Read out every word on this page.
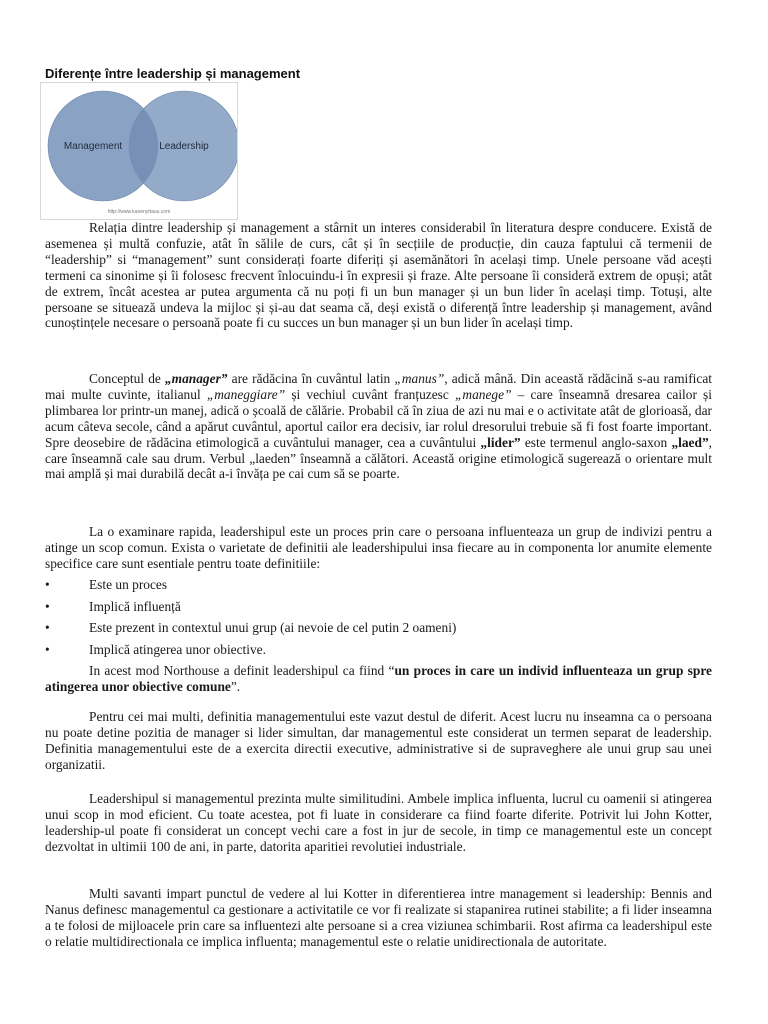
Diferențe între leadership și management
Management	Leadership
http://www.kaoenyttauu.com

Relația dintre leadership și management a stârnit un interes considerabil în literatura despre conducere. Există de asemenea și multă confuzie, atât în sălile de curs, cât și în secțiile de producție, din cauza faptului că termenii de “leadership” si “management” sunt considerați foarte diferiți și asemănători în același timp. Unele persoane văd acești termeni ca sinonime și îi folosesc frecvent înlocuindu-i în expresii și fraze. Alte persoane îi consideră extrem de opuși; atât de extrem, încât acestea ar putea argumenta că nu poți fi un bun manager și un bun lider în același timp. Totuși, alte persoane se situează undeva la mijloc și și-au dat seama că, deși există o diferență între leadership și management, având cunoștințele necesare o persoană poate fi cu succes un bun manager și un bun lider în același timp.

Conceptul de „manager” are rădăcina în cuvântul latin „manus”, adică mână. Din această rădăcină s-au ramificat mai multe cuvinte, italianul „maneggiare” și vechiul cuvânt franțuzesc „manege” – care înseamnă dresarea cailor și plimbarea lor printr-un manej, adică o școală de călărie. Probabil că în ziua de azi nu mai e o activitate atât de glorioasă, dar acum câteva secole, când a apărut cuvântul, aportul cailor era decisiv, iar rolul dresorului trebuie să fi fost foarte important. Spre deosebire de rădăcina etimologică a cuvântului manager, cea a cuvântului „lider” este termenul anglo-saxon „laed”, care înseamnă cale sau drum. Verbul „laeden” înseamnă a călători. Această origine etimologică sugerează o orientare mult mai amplă și mai durabilă decât a-i învăța pe cai cum să se poarte.

La o examinare rapida, leadershipul este un proces prin care o persoana influenteaza un grup de indivizi pentru a atinge un scop comun. Exista o varietate de definitii ale leadershipului insa fiecare au in componenta lor anumite elemente specifice care sunt esentiale pentru toate definitiile:

•	Este un proces
•	Implică influență
•	Este prezent in contextul unui grup (ai nevoie de cel putin 2 oameni)
•	Implică atingerea unor obiective.

In acest mod Northouse a definit leadershipul ca fiind “un proces in care un individ influenteaza un grup spre atingerea unor obiective comune”.

Pentru cei mai multi, definitia managementului este vazut destul de diferit. Acest lucru nu inseamna ca o persoana nu poate detine pozitia de manager si lider simultan, dar managementul este considerat un termen separat de leadership. Definitia managementului este de a exercita directii executive, administrative si de supraveghere ale unui grup sau unei organizatii.

Leadershipul si managementul prezinta multe similitudini. Ambele implica influenta, lucrul cu oamenii si atingerea unui scop in mod eficient. Cu toate acestea, pot fi luate in considerare ca fiind foarte diferite. Potrivit lui John Kotter, leadership-ul poate fi considerat un concept vechi care a fost in jur de secole, in timp ce managementul este un concept dezvoltat in ultimii 100 de ani, in parte, datorita aparitiei revolutiei industriale.

Multi savanti impart punctul de vedere al lui Kotter in diferentierea intre management si leadership: Bennis and Nanus definesc managementul ca gestionare a activitatile ce vor fi realizate si stapanirea rutinei stabilite; a fi lider inseamna a te folosi de mijloacele prin care sa influentezi alte persoane si a crea viziunea schimbarii. Rost afirma ca leadershipul este o relatie multidirectionala ce implica influenta; managementul este o relatie unidirectionala de autoritate.
